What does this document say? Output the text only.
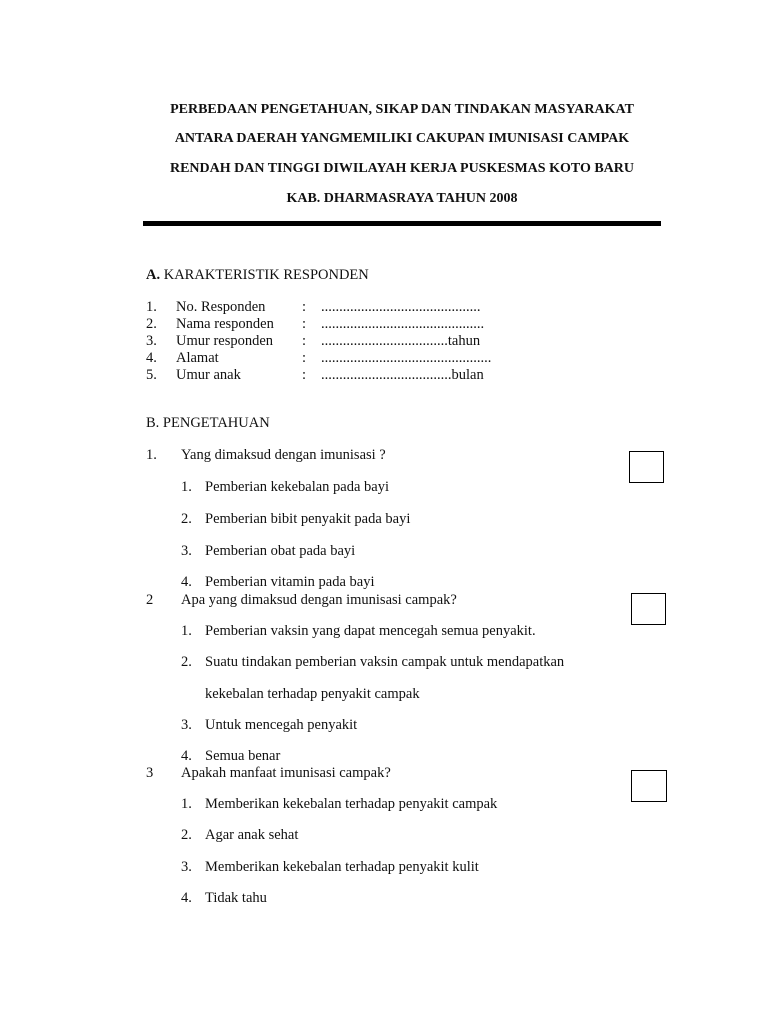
PERBEDAAN PENGETAHUAN, SIKAP DAN TINDAKAN MASYARAKAT
ANTARA DAERAH YANGMEMILIKI CAKUPAN IMUNISASI CAMPAK
RENDAH DAN TINGGI DIWILAYAH KERJA PUSKESMAS KOTO BARU
KAB. DHARMASRAYA TAHUN 2008
A. KARAKTERISTIK RESPONDEN
1. No. Responden	: ............................................
2. Nama responden : .............................................
3. Umur responden : ...................................tahun
4. Alamat	: ...............................................
5. Umur anak	: ....................................bulan
B. PENGETAHUAN
1. Yang dimaksud dengan imunisasi ?
1. Pemberian kekebalan pada bayi
2. Pemberian bibit penyakit pada bayi
3. Pemberian obat pada bayi
4. Pemberian vitamin pada bayi
2 Apa yang dimaksud dengan imunisasi campak?
1. Pemberian vaksin yang dapat mencegah semua penyakit.
2. Suatu tindakan pemberian vaksin campak untuk mendapatkan
kekebalan terhadap penyakit campak
3. Untuk mencegah penyakit
4. Semua benar
3 Apakah manfaat imunisasi campak?
1. Memberikan kekebalan terhadap penyakit campak
2. Agar anak sehat
3. Memberikan kekebalan terhadap penyakit kulit
4. Tidak tahu
